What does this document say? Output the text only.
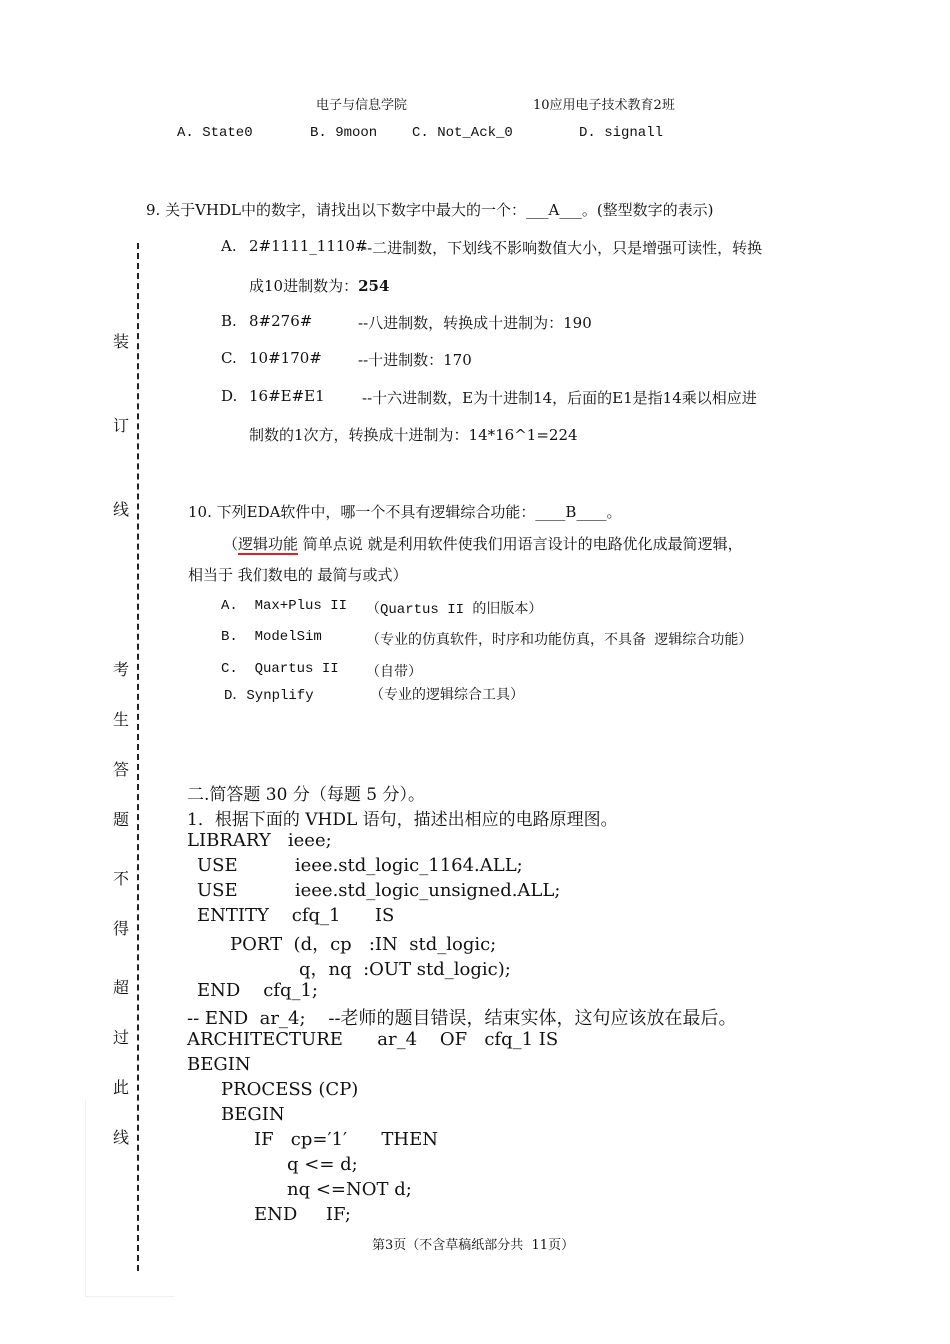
电子与信息学院	10应用电子技术教育2班
A. State0	B. 9moon C. Not_Ack_0	D. signall
9. 关于VHDL中的数字，请找出以下数字中最大的一个：___A___。(整型数字的表示)
A. 2#1111_1110#
--二进制数，下划线不影响数值大小，只是增强可读性，转换
成10进制数为：254
B. 8#276#	--八进制数，转换成十进制为：190
C. 10#170# --十进制数：170
D. 16#E#E1 --十六进制数，E为十进制14，后面的E1是指14乘以相应进
制数的1次方，转换成十进制为：14*16^1=224
装
订
线
考
生
答
题
不
得
超
过
此
线
10. 下列EDA软件中，哪一个不具有逻辑综合功能：____B____。
（逻辑功能 简单点说 就是利用软件使我们用语言设计的电路优化成最简逻辑，
相当于 我们数电的 最简与或式）
A.  Max+Plus II （Quartus II 的旧版本）
B.  ModelSim	（专业的仿真软件，时序和功能仿真，不具备 逻辑综合功能）
C.  Quartus II （自带）
D．Synplify	（专业的逻辑综合工具）
二.简答题 30 分（每题 5 分）。
1．根据下面的 VHDL 语句，描述出相应的电路原理图。
LIBRARY   ieee;
USE          ieee.std_logic_1164.ALL;
USE          ieee.std_logic_unsigned.ALL;
ENTITY    cfq_1      IS
PORT  (d，cp   :IN  std_logic;
q，nq  :OUT std_logic);
END    cfq_1;
-- END  ar_4;    --老师的题目错误，结束实体，这句应该放在最后。
ARCHITECTURE      ar_4    OF   cfq_1 IS
BEGIN
PROCESS (CP)
BEGIN
IF   cp=′1′      THEN
q <= d;
nq <=NOT d;
END     IF;
第3页（不含草稿纸部分共  11页）
